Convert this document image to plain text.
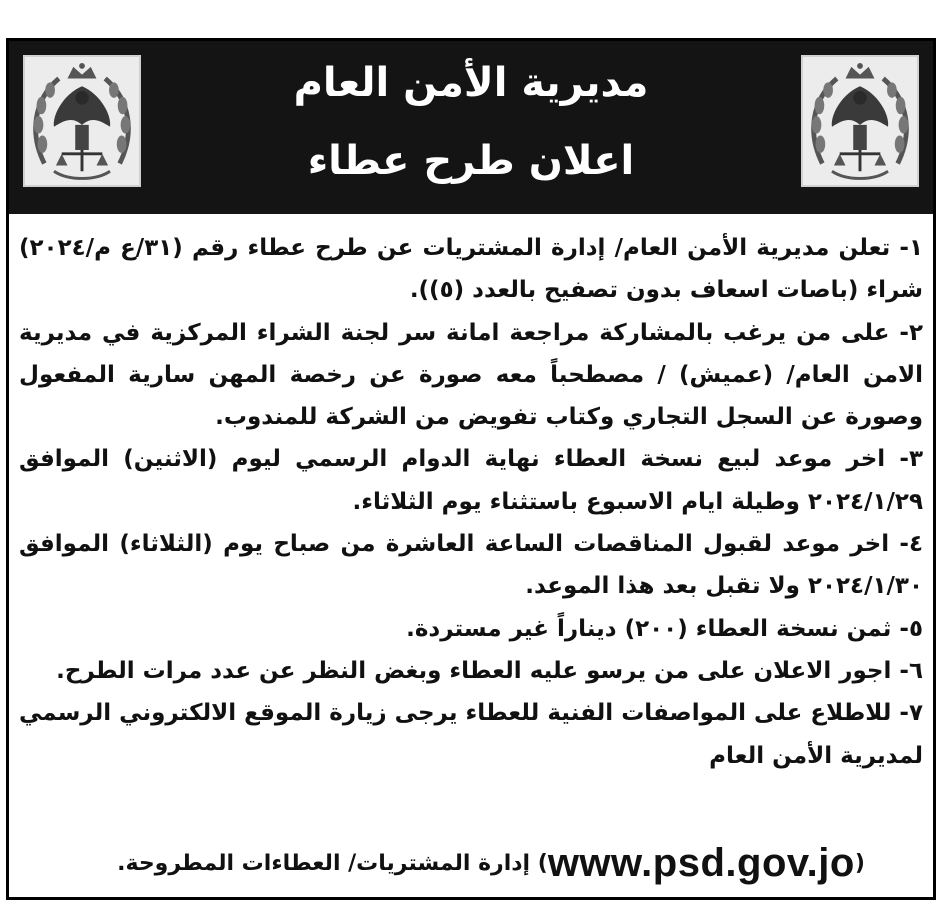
مديرية الأمن العام
اعلان طرح عطاء

١- تعلن مديرية الأمن العام/ إدارة المشتريات عن طرح عطاء رقم (٣١/ع م/٢٠٢٤) شراء (باصات اسعاف بدون تصفيح بالعدد (٥)).

٢- على من يرغب بالمشاركة مراجعة امانة سر لجنة الشراء المركزية في مديرية الامن العام/ (عميش) / مصطحباً معه صورة عن رخصة المهن سارية المفعول وصورة عن السجل التجاري وكتاب تفويض من الشركة للمندوب.

٣- اخر موعد لبيع نسخة العطاء نهاية الدوام الرسمي ليوم (الاثنين) الموافق ٢٠٢٤/١/٢٩ وطيلة ايام الاسبوع باستثناء يوم الثلاثاء.

٤- اخر موعد لقبول المناقصات الساعة العاشرة من صباح يوم (الثلاثاء) الموافق ٢٠٢٤/١/٣٠ ولا تقبل بعد هذا الموعد.

٥- ثمن نسخة العطاء (٢٠٠) ديناراً غير مستردة.

٦- اجور الاعلان على من يرسو عليه العطاء وبغض النظر عن عدد مرات الطرح.

٧- للاطلاع على المواصفات الفنية للعطاء يرجى زيارة الموقع الالكتروني الرسمي لمديرية الأمن العام

(www.psd.gov.jo) إدارة المشتريات/ العطاءات المطروحة.
